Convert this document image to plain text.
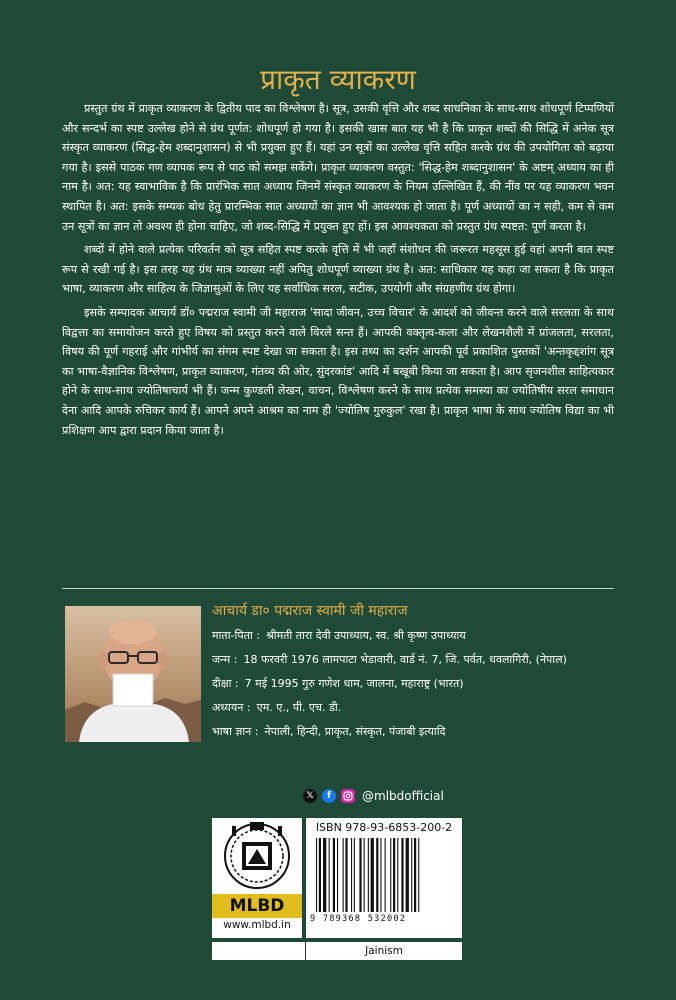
प्राकृत व्याकरण

प्रस्तुत ग्रंथ में प्राकृत व्याकरण के द्वितीय पाद का विश्लेषण है। सूत्र, उसकी वृत्ति और शब्द साधनिका के साथ-साथ शोधपूर्ण टिप्पणियों और सन्दर्भ का स्पष्ट उल्लेख होने से ग्रंथ पूर्णत: शोधपूर्ण हो गया है। इसकी खास बात यह भी है कि प्राकृत शब्दों की सिद्धि में अनेक सूत्र संस्कृत व्याकरण (सिद्ध-हेम शब्दानुशासन) से भी प्रयुक्त हुए हैं। यहां उन सूत्रों का उल्लेख वृत्ति सहित करके ग्रंथ की उपयोगिता को बढ़ाया गया है। इससे पाठक गण व्यापक रूप से पाठ को समझ सकेंगे। प्राकृत व्याकरण वस्तुत: 'सिद्ध-हेम शब्दानुशासन' के अष्टम् अध्याय का ही नाम है। अत: यह स्वाभाविक है कि प्रारंभिक सात अध्याय जिनमें संस्कृत व्याकरण के नियम उल्लिखित हैं, की नींव पर यह व्याकरण भवन स्थापित है। अत: इसके सम्यक बोध हेतु प्रारम्भिक सात अध्यायों का ज्ञान भी आवश्यक हो जाता है। पूर्ण अध्यायों का न सही, कम से कम उन सूत्रों का ज्ञान तो अवश्य ही होना चाहिए, जो शब्द-सिद्धि में प्रयुक्त हुए हों। इस आवश्यकता को प्रस्तुत ग्रंथ स्पष्टत: पूर्ण करता है।

शब्दों में होने वाले प्रत्येक परिवर्तन को सूत्र सहित स्पष्ट करके वृत्ति में भी जहाँ संशोधन की जरूरत महसूस हुई वहां अपनी बात स्पष्ट रूप से रखी गई है। इस तरह यह ग्रंथ मात्र व्याख्या नहीं अपितु शोधपूर्ण व्याख्या ग्रंथ है। अत: साधिकार यह कहा जा सकता है कि प्राकृत भाषा, व्याकरण और साहित्य के जिज्ञासुओं के लिए यह सर्वाधिक सरल, सटीक, उपयोगी और संग्रहणीय ग्रंथ होगा।

इसके सम्पादक आचार्य डॉ० पद्मराज स्वामी जी महाराज 'सादा जीवन, उच्च विचार' के आदर्श को जीवन्त करने वाले सरलता के साथ विद्वत्ता का समायोजन करते हुए विषय को प्रस्तुत करने वाले विरले सन्त हैं। आपकी वक्तृत्व-कला और लेखनशैली में प्रांजलता, सरलता, विषय की पूर्ण गहराई और गांभीर्य का संगम स्पष्ट देखा जा सकता है। इस तथ्य का दर्शन आपकी पूर्व प्रकाशित पुस्तकों 'अन्तकृद्दशांग सूत्र का भाषा-वैज्ञानिक विश्लेषण, प्राकृत व्याकरण, गंतव्य की ओर, सुंदरकांड' आदि में बखूबी किया जा सकता है। आप सृजनशील साहित्यकार होने के साथ-साथ ज्योतिषाचार्य भी हैं। जन्म कुण्डली लेखन, वाचन, विश्लेषण करने के साथ प्रत्येक समस्या का ज्योतिषीय सरल समाधान देना आदि आपके रुचिकर कार्य हैं। आपने अपने आश्रम का नाम ही 'ज्योतिष गुरुकुल' रखा है। प्राकृत भाषा के साथ ज्योतिष विद्या का भी प्रशिक्षण आप द्वारा प्रदान किया जाता है।

आचार्य डा० पद्मराज स्वामी जी महाराज
माता-पिता : श्रीमती तारा देवी उपाध्याय, स्व. श्री कृष्ण उपाध्याय
जन्म : 18 फरवरी 1976 लामपाटा भेडावारी, वार्ड नं. 7, जि. पर्वत, धवलागिरी, (नेपाल)
दीक्षा : 7 मई 1995 गुरु गणेश धाम, जालना, महाराष्ट्र (भारत)
अध्ययन : एम. ए., पी. एच. डी.
भाषा ज्ञान : नेपाली, हिन्दी, प्राकृत, संस्कृत, पंजाबी इत्यादि
𝕏	f	@mlbdofficial
MLBD
www.mlbd.in
ISBN 978-93-6853-200-2
9 789368 532002
Jainism
